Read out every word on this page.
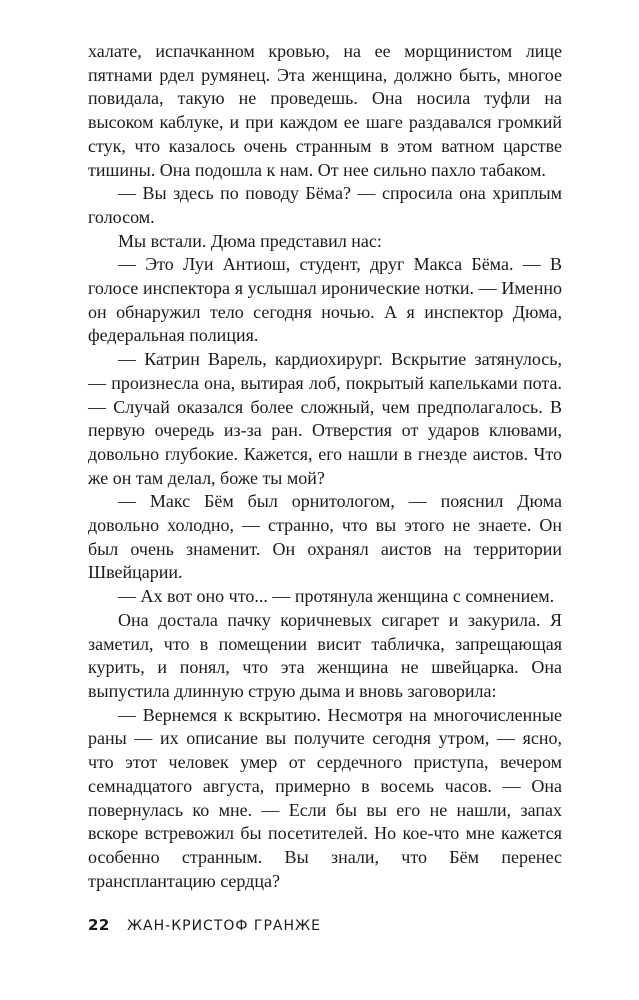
халате, испачканном кровью, на ее морщинистом лице пятнами рдел румянец. Эта женщина, должно быть, многое повидала, такую не проведешь. Она носила туфли на высоком каблуке, и при каждом ее шаге раздавался громкий стук, что казалось очень странным в этом ватном царстве тишины. Она подошла к нам. От нее сильно пахло табаком.

— Вы здесь по поводу Бёма? — спросила она хриплым голосом.

Мы встали. Дюма представил нас:

— Это Луи Антиош, студент, друг Макса Бёма. — В голосе инспектора я услышал иронические нотки. — Именно он обнаружил тело сегодня ночью. А я инспектор Дюма, федеральная полиция.

— Катрин Варель, кардиохирург. Вскрытие затянулось, — произнесла она, вытирая лоб, покрытый капельками пота. — Случай оказался более сложный, чем предполагалось. В первую очередь из-за ран. Отверстия от ударов клювами, довольно глубокие. Кажется, его нашли в гнезде аистов. Что же он там делал, боже ты мой?

— Макс Бём был орнитологом, — пояснил Дюма довольно холодно, — странно, что вы этого не знаете. Он был очень знаменит. Он охранял аистов на территории Швейцарии.

— Ах вот оно что... — протянула женщина с сомнением.

Она достала пачку коричневых сигарет и закурила. Я заметил, что в помещении висит табличка, запрещающая курить, и понял, что эта женщина не швейцарка. Она выпустила длинную струю дыма и вновь заговорила:

— Вернемся к вскрытию. Несмотря на многочисленные раны — их описание вы получите сегодня утром, — ясно, что этот человек умер от сердечного приступа, вечером семнадцатого августа, примерно в восемь часов. — Она повернулась ко мне. — Если бы вы его не нашли, запах вскоре встревожил бы посетителей. Но кое-что мне кажется особенно странным. Вы знали, что Бём перенес трансплантацию сердца?

22 ЖАН-КРИСТОФ ГРАНЖЕ
